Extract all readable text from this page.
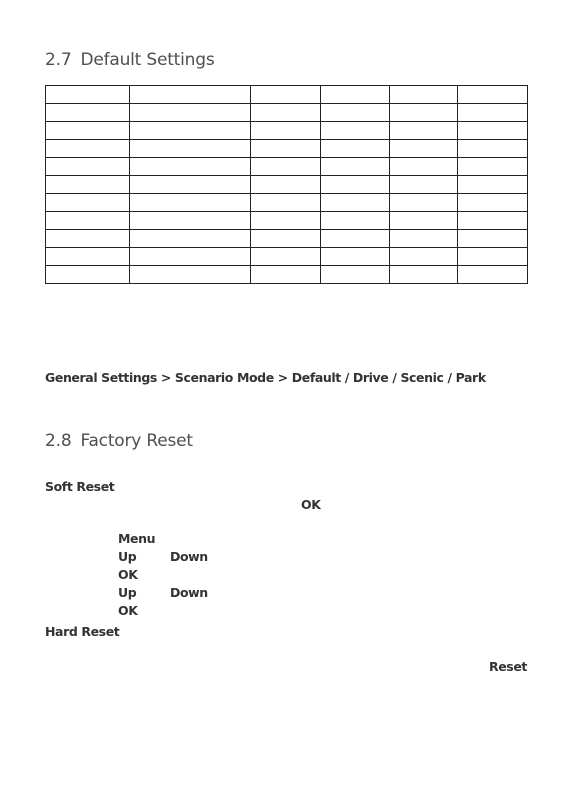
2.7 Default Settings

General Settings > Scenario Mode > Default / Drive / Scenic / Park
2.8 Factory Reset
Soft Reset
OK
Menu
Up	Down
OK
Up	Down
OK
Hard Reset
Reset
